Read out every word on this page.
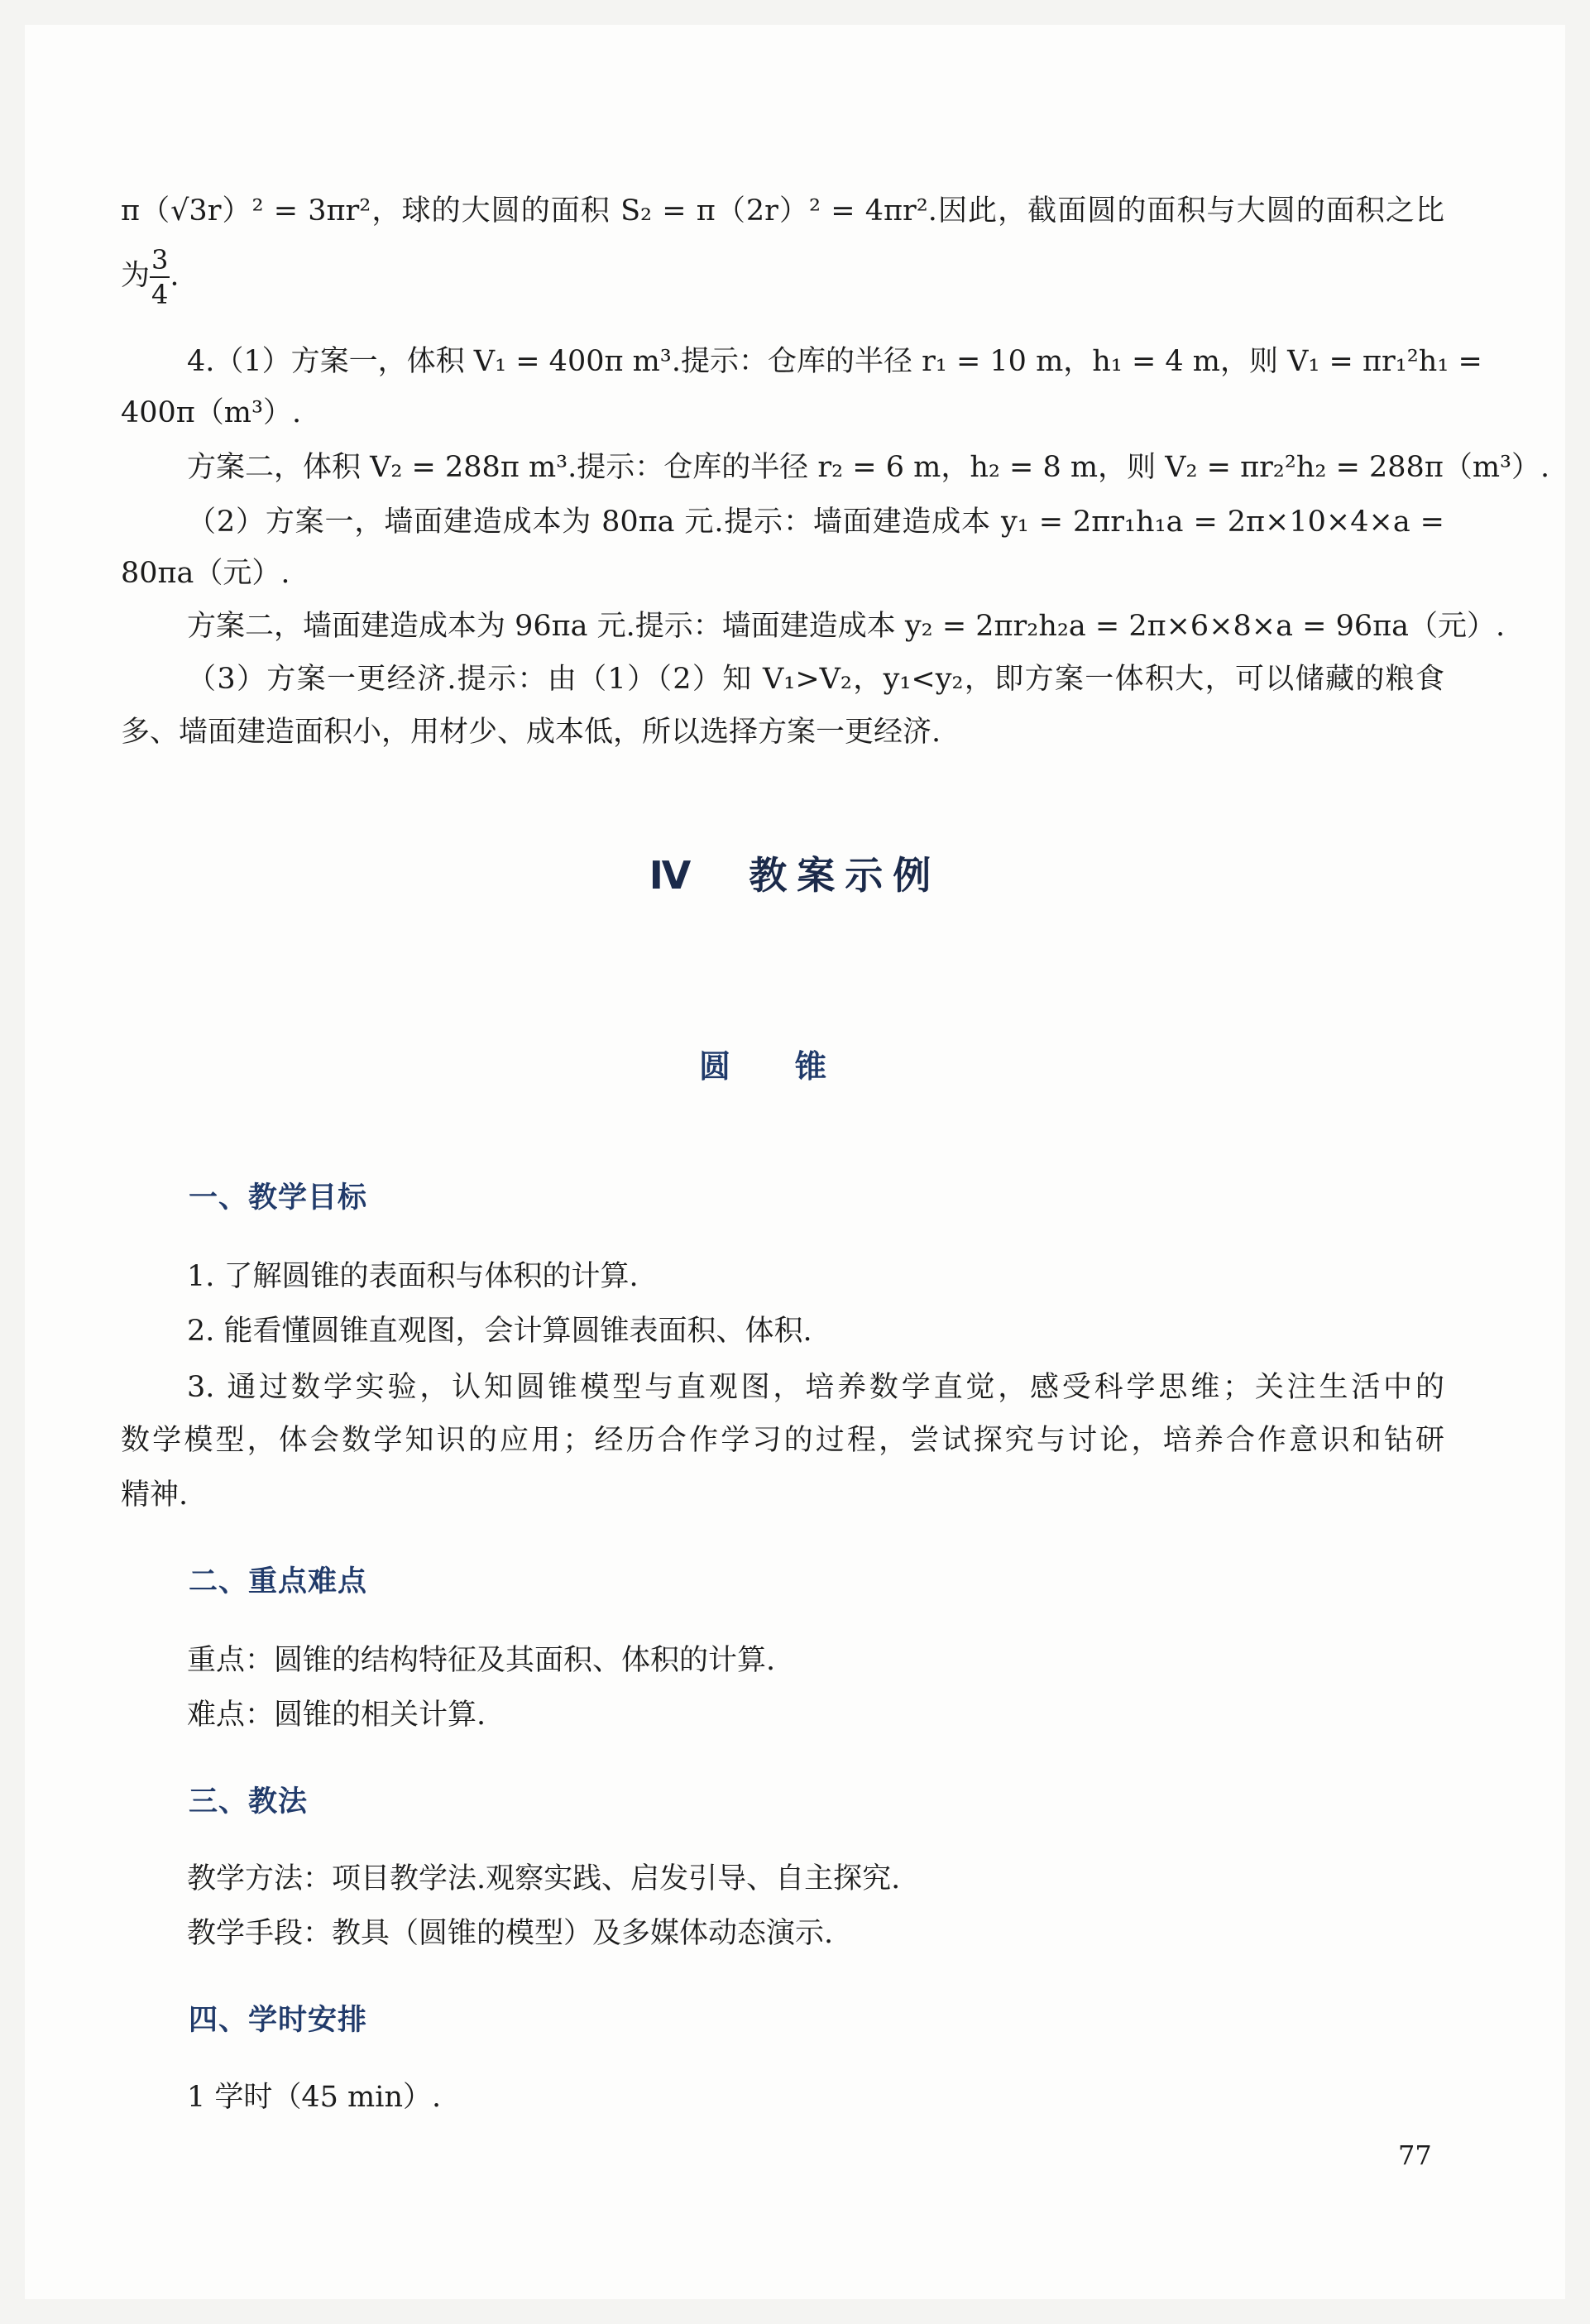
π（√3r）² = 3πr²，球的大圆的面积 S₂ = π（2r）² = 4πr².因此，截面圆的面积与大圆的面积之比
为 $\frac{3}{4}$ .
4.（1）方案一，体积 V₁ = 400π m³.提示：仓库的半径 r₁ = 10 m，h₁ = 4 m，则 V₁ = πr₁²h₁ =
400π（m³）.
方案二，体积 V₂ = 288π m³.提示：仓库的半径 r₂ = 6 m，h₂ = 8 m，则 V₂ = πr₂²h₂ = 288π（m³）.
（2）方案一，墙面建造成本为 80πa 元.提示：墙面建造成本 y₁ = 2πr₁h₁a = 2π×10×4×a =
80πa（元）.
方案二，墙面建造成本为 96πa 元.提示：墙面建造成本 y₂ = 2πr₂h₂a = 2π×6×8×a = 96πa（元）.
（3）方案一更经济.提示：由（1）（2）知 V₁>V₂，y₁<y₂，即方案一体积大，可以储藏的粮食
多、墙面建造面积小，用材少、成本低，所以选择方案一更经济.
Ⅳ　教案示例
圆锥
一、教学目标
1. 了解圆锥的表面积与体积的计算.
2. 能看懂圆锥直观图，会计算圆锥表面积、体积.
3. 通过数学实验，认知圆锥模型与直观图，培养数学直觉，感受科学思维；关注生活中的
数学模型，体会数学知识的应用；经历合作学习的过程，尝试探究与讨论，培养合作意识和钻研
精神.
二、重点难点
重点：圆锥的结构特征及其面积、体积的计算.
难点：圆锥的相关计算.
三、教法
教学方法：项目教学法.观察实践、启发引导、自主探究.
教学手段：教具（圆锥的模型）及多媒体动态演示.
四、学时安排
1 学时（45 min）.
77
